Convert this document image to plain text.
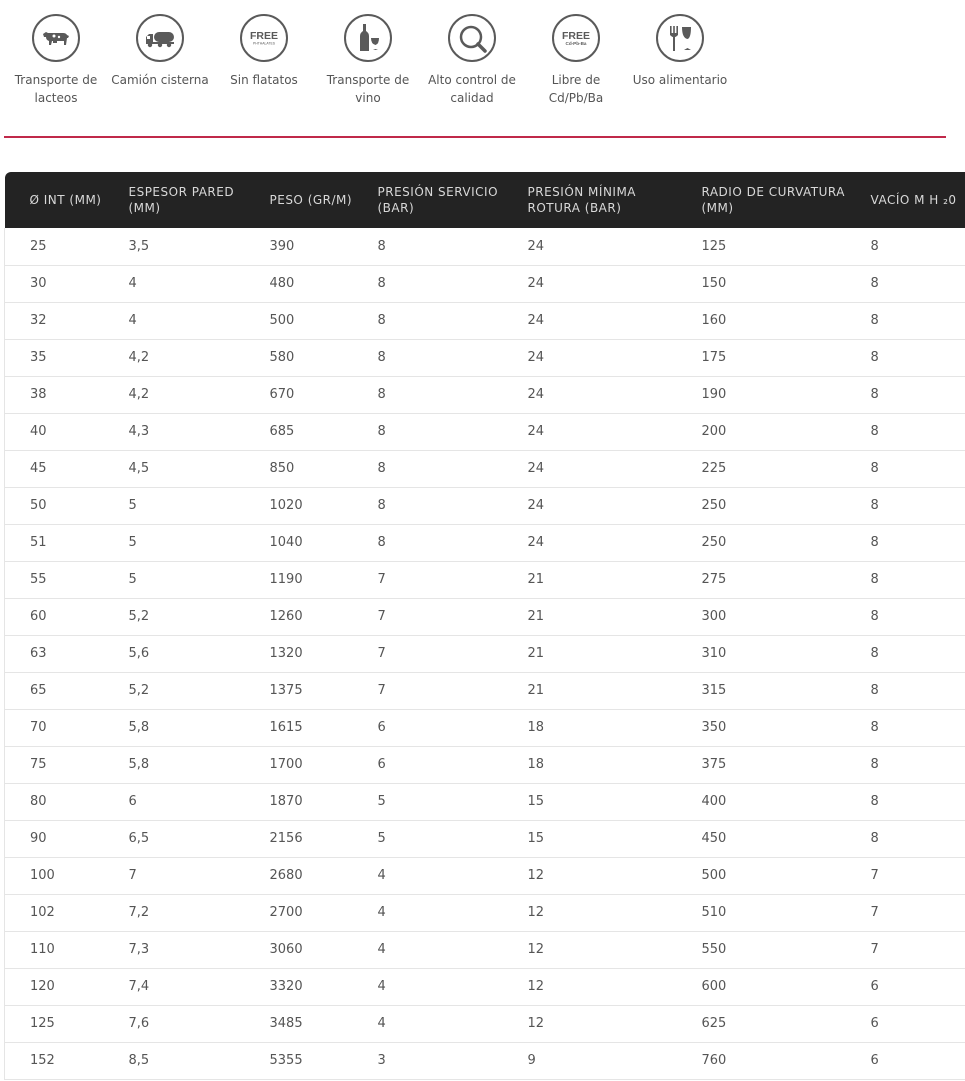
Transporte de lacteos
Camión cisterna
FREE
PHTHALATES
Sin flatatos	Transporte de vino
Alto control de calidad
FREE
Cd-Pb-Ba
Libre de Cd/Pb/Ba
Uso alimentario
Ø INT (MM)	ESPESOR PARED (MM)	PESO (GR/M)	PRESIÓN SERVICIO (BAR)	PRESIÓN MÍNIMA ROTURA (BAR)	RADIO DE CURVATURA (MM)	VACÍO M H ₂0
25	3,5	390	8	24	125	8
30	4	480	8	24	150	8
32	4	500	8	24	160	8
35	4,2	580	8	24	175	8
38	4,2	670	8	24	190	8
40	4,3	685	8	24	200	8
45	4,5	850	8	24	225	8
50	5	1020	8	24	250	8
51	5	1040	8	24	250	8
55	5	1190	7	21	275	8
60	5,2	1260	7	21	300	8
63	5,6	1320	7	21	310	8
65	5,2	1375	7	21	315	8
70	5,8	1615	6	18	350	8
75	5,8	1700	6	18	375	8
80	6	1870	5	15	400	8
90	6,5	2156	5	15	450	8
100	7	2680	4	12	500	7
102	7,2	2700	4	12	510	7
110	7,3	3060	4	12	550	7
120	7,4	3320	4	12	600	6
125	7,6	3485	4	12	625	6
152	8,5	5355	3	9	760	6
